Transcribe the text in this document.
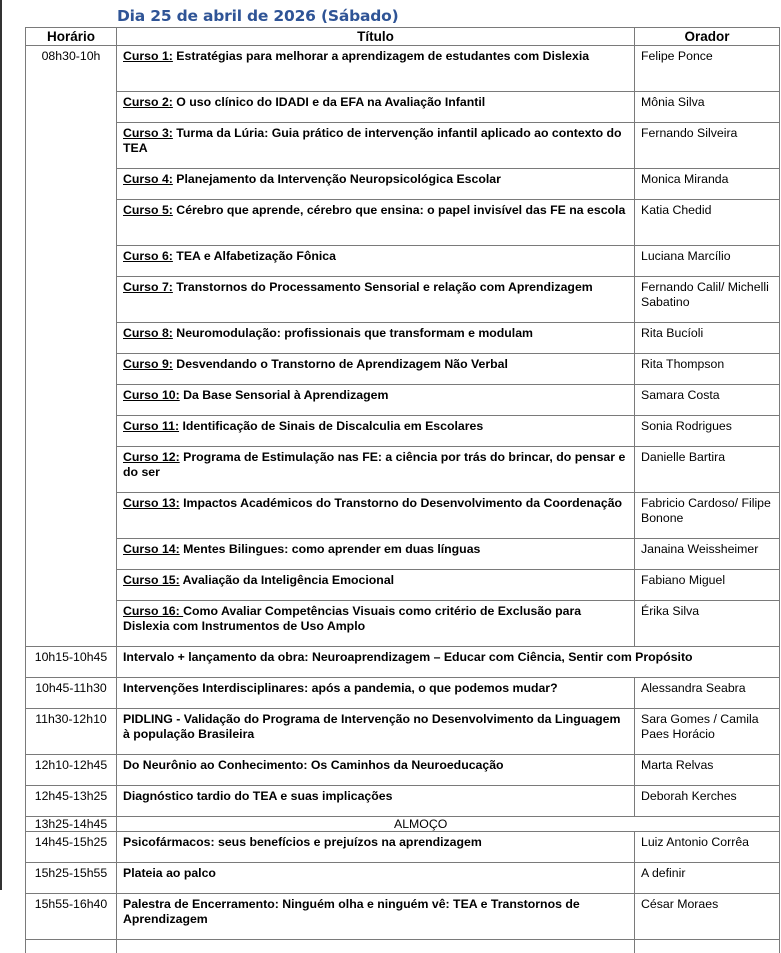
Dia 25 de abril de 2026 (Sábado)
Horário	Título	Orador
08h30-10h	Curso 1: Estratégias para melhorar a aprendizagem de estudantes com Dislexia	Felipe Ponce
	Curso 2: O uso clínico do IDADI e da EFA na Avaliação Infantil	Mônia Silva
	Curso 3: Turma da Lúria: Guia prático de intervenção infantil aplicado ao contexto do TEA	Fernando Silveira
	Curso 4: Planejamento da Intervenção Neuropsicológica Escolar	Monica Miranda
	Curso 5: Cérebro que aprende, cérebro que ensina: o papel invisível das FE na escola	Katia Chedid
	Curso 6: TEA e Alfabetização Fônica	Luciana Marcílio
	Curso 7: Transtornos do Processamento Sensorial e relação com Aprendizagem	Fernando Calil/ Michelli Sabatino
	Curso 8: Neuromodulação: profissionais que transformam e modulam	Rita Bucíoli
	Curso 9: Desvendando o Transtorno de Aprendizagem Não Verbal	Rita Thompson
	Curso 10: Da Base Sensorial à Aprendizagem	Samara Costa
	Curso 11: Identificação de Sinais de Discalculia em Escolares	Sonia Rodrigues
	Curso 12: Programa de Estimulação nas FE: a ciência por trás do brincar, do pensar e do ser	Danielle Bartira
	Curso 13: Impactos Académicos do Transtorno do Desenvolvimento da Coordenação	Fabricio Cardoso/ Filipe Bonone
	Curso 14: Mentes Bilingues: como aprender em duas línguas	Janaina Weissheimer
	Curso 15: Avaliação da Inteligência Emocional	Fabiano Miguel
	Curso 16: Como Avaliar Competências Visuais como critério de Exclusão para Dislexia com Instrumentos de Uso Amplo	Érika Silva
10h15-10h45	Intervalo + lançamento da obra: Neuroaprendizagem – Educar com Ciência, Sentir com Propósito	
10h45-11h30	Intervenções Interdisciplinares: após a pandemia, o que podemos mudar?	Alessandra Seabra
11h30-12h10	PIDLING - Validação do Programa de Intervenção no Desenvolvimento da Linguagem à população Brasileira	Sara Gomes / Camila Paes Horácio
12h10-12h45	Do Neurônio ao Conhecimento: Os Caminhos da Neuroeducação	Marta Relvas
12h45-13h25	Diagnóstico tardio do TEA e suas implicações	Deborah Kerches
13h25-14h45	ALMOÇO	
14h45-15h25	Psicofármacos: seus benefícios e prejuízos na aprendizagem	Luiz Antonio Corrêa
15h25-15h55	Plateia ao palco	A definir
15h55-16h40	Palestra de Encerramento: Ninguém olha e ninguém vê: TEA e Transtornos de Aprendizagem	César Moraes
